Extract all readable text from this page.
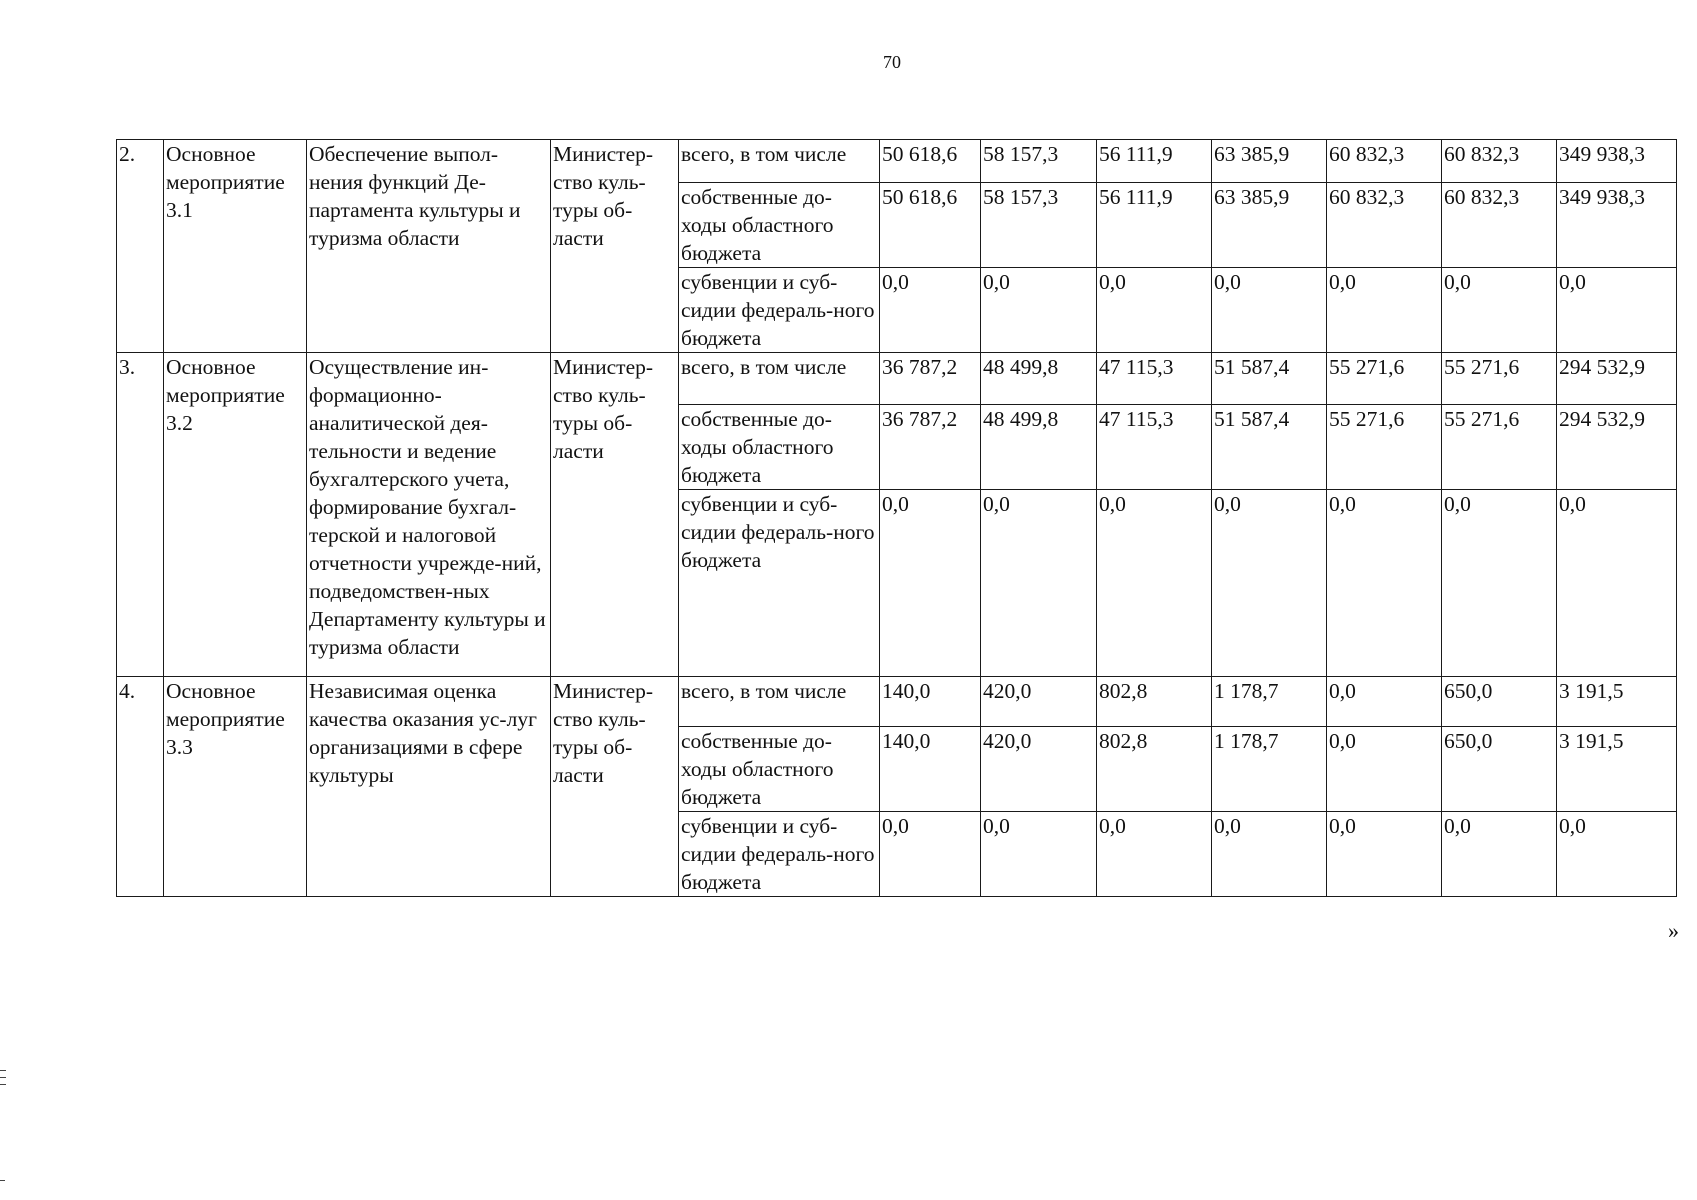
70
2.	Основное мероприятие 3.1	Обеспечение выпол-нения функций Де-партамента культуры и туризма области	Министер-ство куль-туры об-ласти	всего, в том числе	50 618,6	58 157,3	56 111,9	63 385,9	60 832,3	60 832,3	349 938,3
				собственные до-ходы областного бюджета	50 618,6	58 157,3	56 111,9	63 385,9	60 832,3	60 832,3	349 938,3
				субвенции и суб-сидии федераль-ного бюджета	0,0	0,0	0,0	0,0	0,0	0,0	0,0
3.	Основное мероприятие 3.2	Осуществление ин-формационно-аналитической дея-тельности и ведение бухгалтерского учета, формирование бухгал-терской и налоговой отчетности учрежде-ний, подведомствен-ных Департаменту культуры и туризма области	Министер-ство куль-туры об-ласти	всего, в том числе	36 787,2	48 499,8	47 115,3	51 587,4	55 271,6	55 271,6	294 532,9
				собственные до-ходы областного бюджета	36 787,2	48 499,8	47 115,3	51 587,4	55 271,6	55 271,6	294 532,9
				субвенции и суб-сидии федераль-ного бюджета	0,0	0,0	0,0	0,0	0,0	0,0	0,0
4.	Основное мероприятие 3.3	Независимая оценка качества оказания ус-луг организациями в сфере культуры	Министер-ство куль-туры об-ласти	всего, в том числе	140,0	420,0	802,8	1 178,7	0,0	650,0	3 191,5
				собственные до-ходы областного бюджета	140,0	420,0	802,8	1 178,7	0,0	650,0	3 191,5
				субвенции и суб-сидии федераль-ного бюджета	0,0	0,0	0,0	0,0	0,0	0,0	0,0
»
